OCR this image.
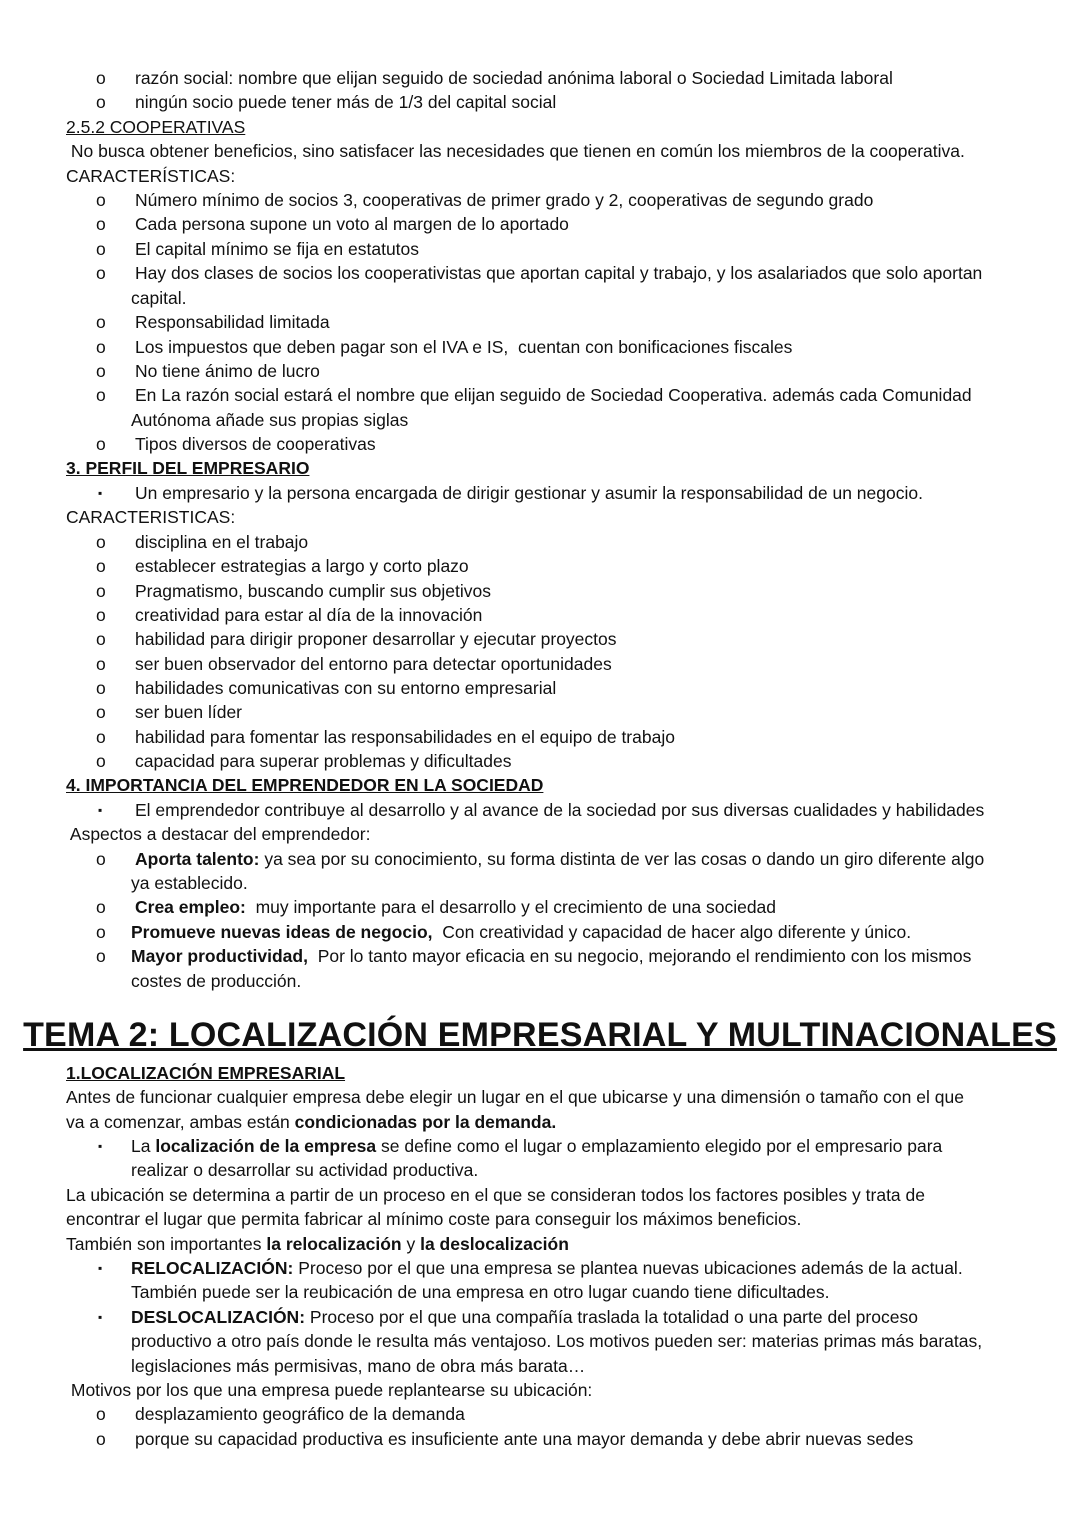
o	razón social: nombre que elijan seguido de sociedad anónima laboral o Sociedad Limitada laboral
o	ningún socio puede tener más de 1/3 del capital social
2.5.2 COOPERATIVAS
No busca obtener beneficios, sino satisfacer las necesidades que tienen en común los miembros de la cooperativa.
CARACTERÍSTICAS:
o	Número mínimo de socios 3, cooperativas de primer grado y 2, cooperativas de segundo grado
o	Cada persona supone un voto al margen de lo aportado
o	El capital mínimo se fija en estatutos
o	Hay dos clases de socios los cooperativistas que aportan capital y trabajo, y los asalariados que solo aportan
capital.
o	Responsabilidad limitada
o	Los impuestos que deben pagar son el IVA e IS,  cuentan con bonificaciones fiscales
o	No tiene ánimo de lucro
o	En La razón social estará el nombre que elijan seguido de Sociedad Cooperativa. además cada Comunidad
Autónoma añade sus propias siglas
o	Tipos diversos de cooperativas
3. PERFIL DEL EMPRESARIO
▪	Un empresario y la persona encargada de dirigir gestionar y asumir la responsabilidad de un negocio.
CARACTERISTICAS:
o	disciplina en el trabajo
o	establecer estrategias a largo y corto plazo
o	Pragmatismo, buscando cumplir sus objetivos
o	creatividad para estar al día de la innovación
o	habilidad para dirigir proponer desarrollar y ejecutar proyectos
o	ser buen observador del entorno para detectar oportunidades
o	habilidades comunicativas con su entorno empresarial
o	ser buen líder
o	habilidad para fomentar las responsabilidades en el equipo de trabajo
o	capacidad para superar problemas y dificultades
4. IMPORTANCIA DEL EMPRENDEDOR EN LA SOCIEDAD
▪	El emprendedor contribuye al desarrollo y al avance de la sociedad por sus diversas cualidades y habilidades
Aspectos a destacar del emprendedor:
o	Aporta talento: ya sea por su conocimiento, su forma distinta de ver las cosas o dando un giro diferente algo
ya establecido.
o	Crea empleo:  muy importante para el desarrollo y el crecimiento de una sociedad
o	Promueve nuevas ideas de negocio,  Con creatividad y capacidad de hacer algo diferente y único.
o	Mayor productividad,  Por lo tanto mayor eficacia en su negocio, mejorando el rendimiento con los mismos
costes de producción.
TEMA 2: LOCALIZACIÓN EMPRESARIAL Y MULTINACIONALES
1.LOCALIZACIÓN EMPRESARIAL
Antes de funcionar cualquier empresa debe elegir un lugar en el que ubicarse y una dimensión o tamaño con el que
va a comenzar, ambas están condicionadas por la demanda.
▪	La localización de la empresa se define como el lugar o emplazamiento elegido por el empresario para
realizar o desarrollar su actividad productiva.
La ubicación se determina a partir de un proceso en el que se consideran todos los factores posibles y trata de
encontrar el lugar que permita fabricar al mínimo coste para conseguir los máximos beneficios.
También son importantes la relocalización y la deslocalización
▪	RELOCALIZACIÓN: Proceso por el que una empresa se plantea nuevas ubicaciones además de la actual.
También puede ser la reubicación de una empresa en otro lugar cuando tiene dificultades.
▪	DESLOCALIZACIÓN: Proceso por el que una compañía traslada la totalidad o una parte del proceso
productivo a otro país donde le resulta más ventajoso. Los motivos pueden ser: materias primas más baratas,
legislaciones más permisivas, mano de obra más barata…
Motivos por los que una empresa puede replantearse su ubicación:
o	desplazamiento geográfico de la demanda
o	porque su capacidad productiva es insuficiente ante una mayor demanda y debe abrir nuevas sedes
